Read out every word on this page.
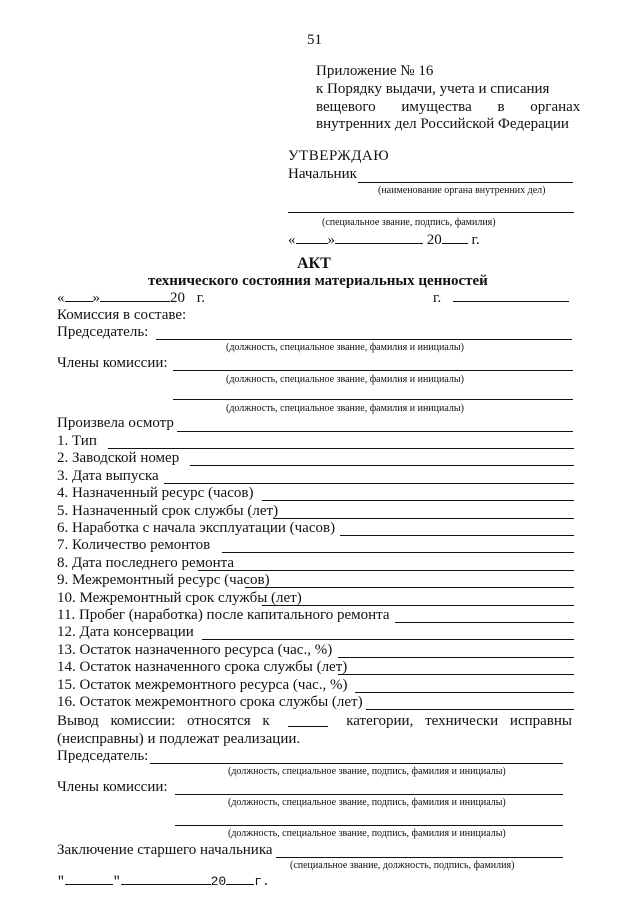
51
Приложение № 16
к Порядку выдачи, учета и списания
вещевого имущества в органах
внутренних дел Российской Федерации
УТВЕРЖДАЮ
Начальник
(наименование органа внутренних дел)
(специальное звание, подпись, фамилия)
« »	20 г.
АКТ
технического состояния материальных ценностей
« »	20 г.	г.
Комиссия в составе:
Председатель:
(должность, специальное звание, фамилия и инициалы)
Члены комиссии:
(должность, специальное звание, фамилия и инициалы)
(должность, специальное звание, фамилия и инициалы)
Произвела осмотр
1. Тип
2. Заводской номер
3. Дата выпуска
4. Назначенный ресурс (часов)
5. Назначенный срок службы (лет)
6. Наработка с начала эксплуатации (часов)
7. Количество ремонтов
8. Дата последнего ремонта
9. Межремонтный ресурс (часов)
10. Межремонтный срок службы (лет)
11. Пробег (наработка) после капитального ремонта
12. Дата консервации
13. Остаток назначенного ресурса (час., %)
14. Остаток назначенного срока службы (лет)
15. Остаток межремонтного ресурса (час., %)
16. Остаток межремонтного срока службы (лет)
Вывод комиссии: относятся к	категории, технически исправны
(неисправны) и подлежат реализации.
Председатель:
(должность, специальное звание, подпись, фамилия и инициалы)
Члены комиссии:
(должность, специальное звание, подпись, фамилия и инициалы)
(должность, специальное звание, подпись, фамилия и инициалы)
Заключение старшего начальника
(специальное звание, должность, подпись, фамилия)
"	"	20 г.
